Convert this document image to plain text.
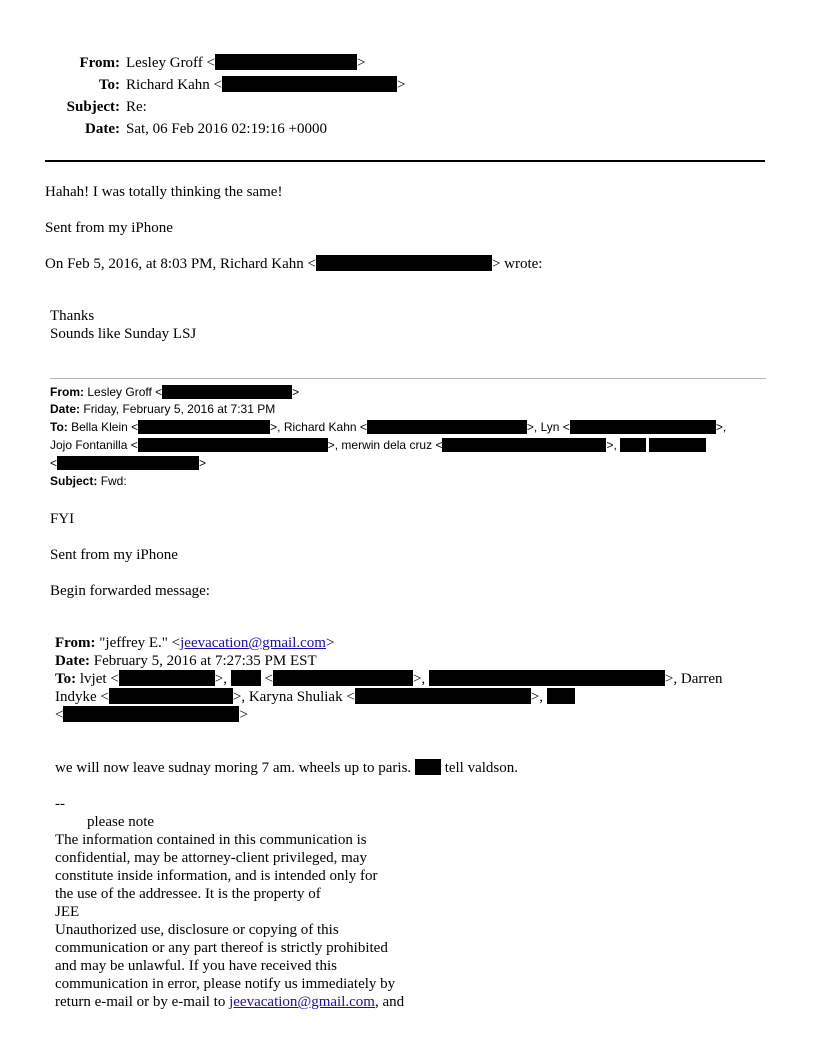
From: Lesley Groff <	>
To: Richard Kahn <	>
Subject: Re:
Date: Sat, 06 Feb 2016 02:19:16 +0000
Hahah! I was totally thinking the same!
Sent from my iPhone
On Feb 5, 2016, at 8:03 PM, Richard Kahn <	> wrote:
Thanks
Sounds like Sunday LSJ
From: Lesley Groff <	>
Date: Friday, February 5, 2016 at 7:31 PM
To: Bella Klein <	>, Richard Kahn <	>, Lyn <	>,
Jojo Fontanilla <	>, merwin dela cruz <	>,
<	>
Subject: Fwd:
FYI
Sent from my iPhone
Begin forwarded message:
From: "jeffrey E." <jeevacation@gmail.com>
Date: February 5, 2016 at 7:27:35 PM EST
To: lvjet <	>,	<	>,	>, Darren
Indyke <	>, Karyna Shuliak <	>,
<	>
we will now leave sudnay moring 7 am. wheels up to paris. tell valdson.
--
please note
The information contained in this communication is
confidential, may be attorney-client privileged, may
constitute inside information, and is intended only for
the use of the addressee. It is the property of
JEE
Unauthorized use, disclosure or copying of this
communication or any part thereof is strictly prohibited
and may be unlawful. If you have received this
communication in error, please notify us immediately by
return e-mail or by e-mail to jeevacation@gmail.com, and
